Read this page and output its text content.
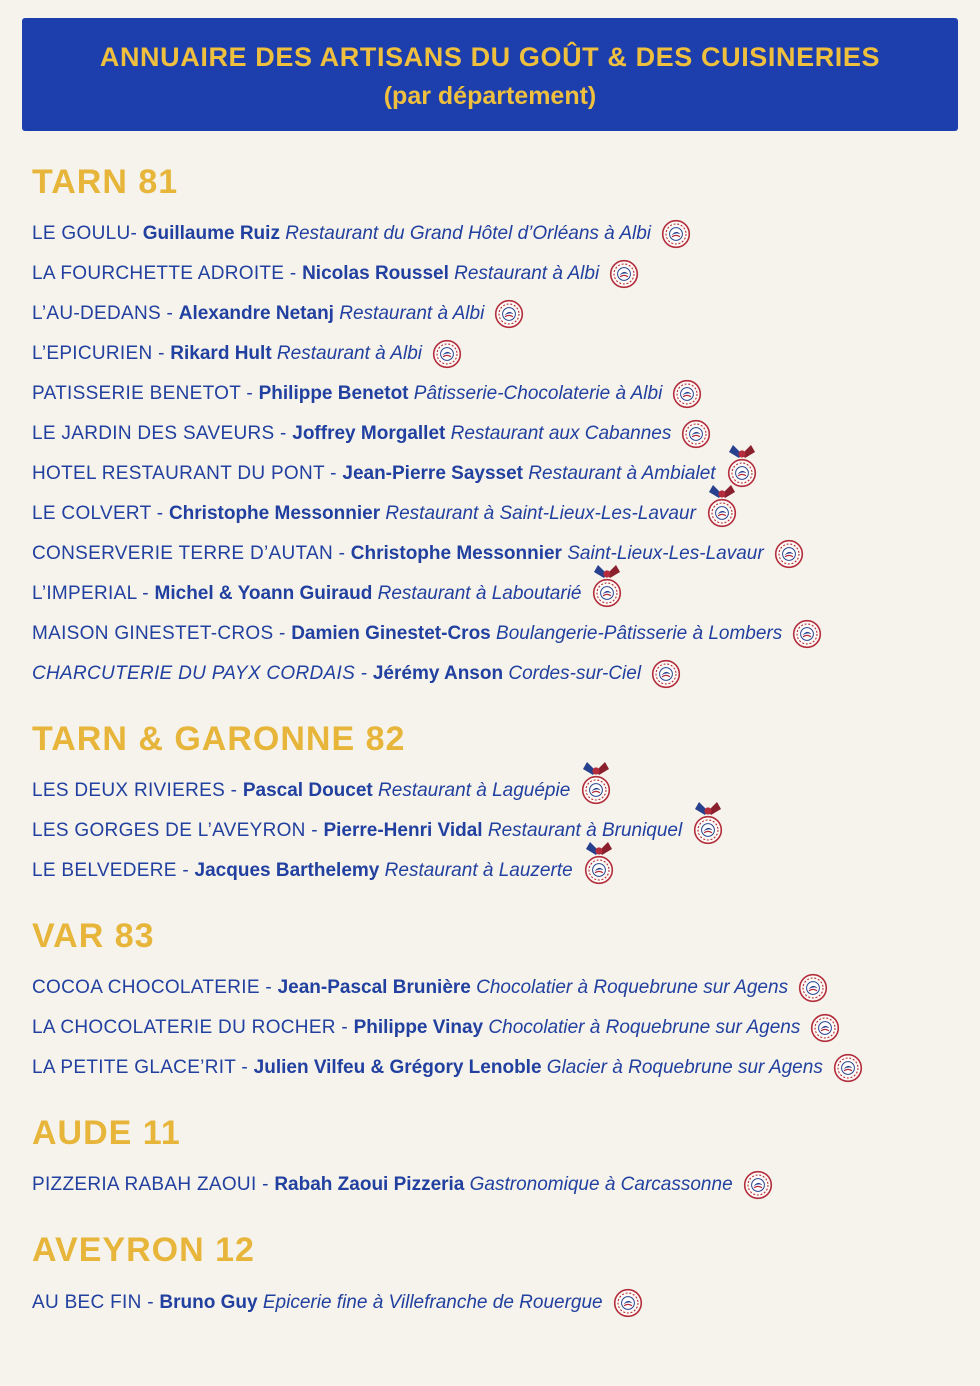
ANNUAIRE DES ARTISANS DU GOÛT & DES CUISINERIES
(par département)
TARN 81
LE GOULU- Guillaume Ruiz Restaurant du Grand Hôtel d’Orléans à Albi
LA FOURCHETTE ADROITE - Nicolas Roussel Restaurant à Albi
L’AU-DEDANS - Alexandre Netanj Restaurant à Albi
L’EPICURIEN - Rikard Hult Restaurant à Albi
PATISSERIE BENETOT - Philippe Benetot Pâtisserie-Chocolaterie à Albi
LE JARDIN DES SAVEURS - Joffrey Morgallet Restaurant aux Cabannes
HOTEL RESTAURANT DU PONT - Jean-Pierre Saysset Restaurant à Ambialet
LE COLVERT - Christophe Messonnier Restaurant à Saint-Lieux-Les-Lavaur
CONSERVERIE TERRE D’AUTAN - Christophe Messonnier Saint-Lieux-Les-Lavaur
L’IMPERIAL - Michel & Yoann Guiraud Restaurant à Laboutarié
MAISON GINESTET-CROS - Damien Ginestet-Cros Boulangerie-Pâtisserie à Lombers
CHARCUTERIE DU PAYX CORDAIS - Jérémy Anson Cordes-sur-Ciel
TARN & GARONNE 82
LES DEUX RIVIERES - Pascal Doucet Restaurant à Laguépie
LES GORGES DE L’AVEYRON - Pierre-Henri Vidal Restaurant à Bruniquel
LE BELVEDERE - Jacques Barthelemy Restaurant à Lauzerte
VAR 83
COCOA CHOCOLATERIE - Jean-Pascal Brunière Chocolatier à Roquebrune sur Agens
LA CHOCOLATERIE DU ROCHER - Philippe Vinay Chocolatier à Roquebrune sur Agens
LA PETITE GLACE’RIT - Julien Vilfeu & Grégory Lenoble Glacier à Roquebrune sur Agens
AUDE 11
PIZZERIA RABAH ZAOUI - Rabah Zaoui Pizzeria Gastronomique à Carcassonne
AVEYRON 12
AU BEC FIN - Bruno Guy Epicerie fine à Villefranche de Rouergue
